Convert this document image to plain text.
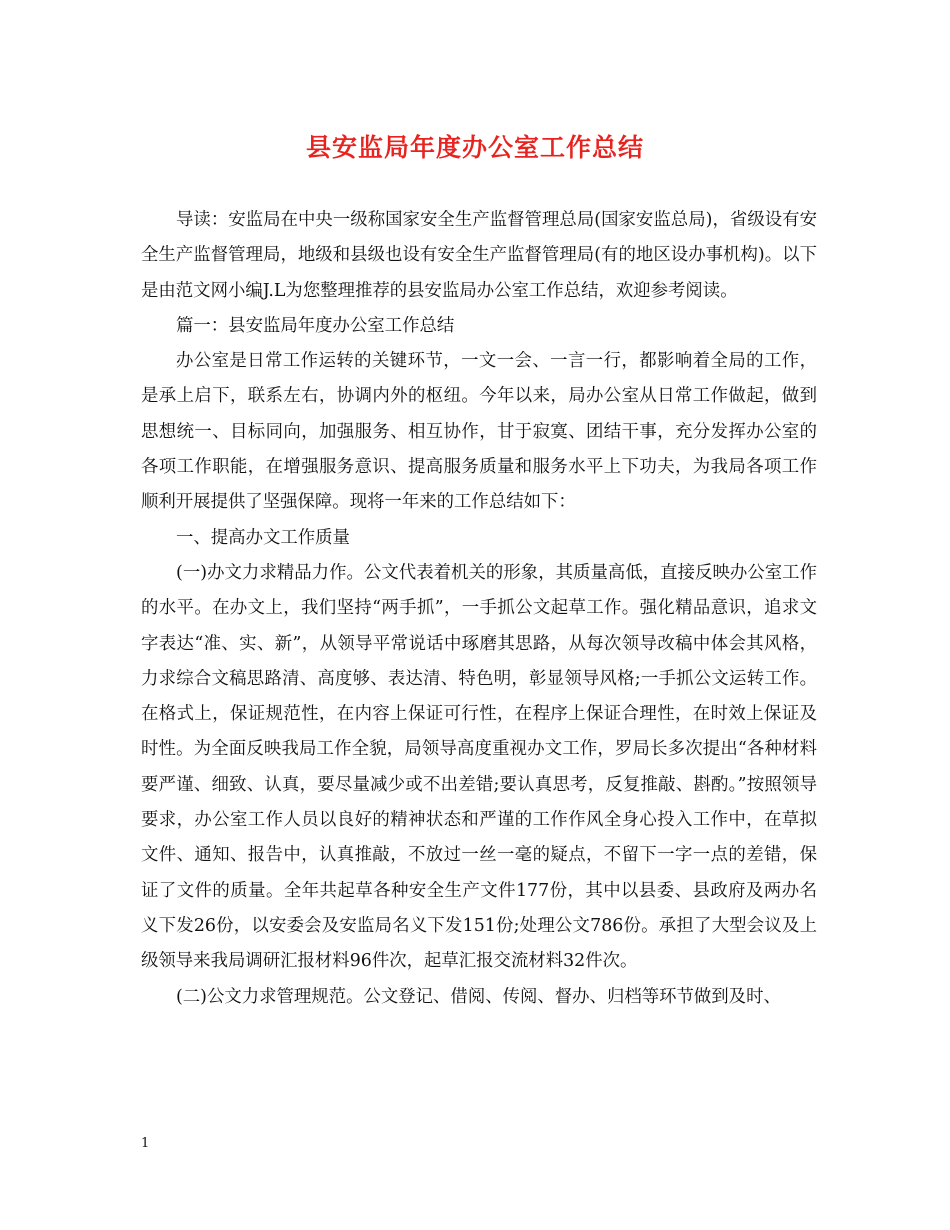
县安监局年度办公室工作总结

导读：安监局在中央一级称国家安全生产监督管理总局(国家安监总局)，省级设有安全生产监督管理局，地级和县级也设有安全生产监督管理局(有的地区设办事机构)。以下是由范文网小编J.L为您整理推荐的县安监局办公室工作总结，欢迎参考阅读。

篇一：县安监局年度办公室工作总结

办公室是日常工作运转的关键环节，一文一会、一言一行，都影响着全局的工作，是承上启下，联系左右，协调内外的枢纽。今年以来，局办公室从日常工作做起，做到思想统一、目标同向，加强服务、相互协作，甘于寂寞、团结干事，充分发挥办公室的各项工作职能，在增强服务意识、提高服务质量和服务水平上下功夫，为我局各项工作顺利开展提供了坚强保障。现将一年来的工作总结如下：

一、提高办文工作质量

(一)办文力求精品力作。公文代表着机关的形象，其质量高低，直接反映办公室工作的水平。在办文上，我们坚持“两手抓”，一手抓公文起草工作。强化精品意识，追求文字表达“准、实、新”，从领导平常说话中琢磨其思路，从每次领导改稿中体会其风格，力求综合文稿思路清、高度够、表达清、特色明，彰显领导风格;一手抓公文运转工作。在格式上，保证规范性，在内容上保证可行性，在程序上保证合理性，在时效上保证及时性。为全面反映我局工作全貌，局领导高度重视办文工作，罗局长多次提出“各种材料要严谨、细致、认真，要尽量减少或不出差错;要认真思考，反复推敲、斟酌。”按照领导要求，办公室工作人员以良好的精神状态和严谨的工作作风全身心投入工作中，在草拟文件、通知、报告中，认真推敲，不放过一丝一毫的疑点，不留下一字一点的差错，保证了文件的质量。全年共起草各种安全生产文件177份，其中以县委、县政府及两办名义下发26份，以安委会及安监局名义下发151份;处理公文786份。承担了大型会议及上级领导来我局调研汇报材料96件次，起草汇报交流材料32件次。

(二)公文力求管理规范。公文登记、借阅、传阅、督办、归档等环节做到及时、

1
